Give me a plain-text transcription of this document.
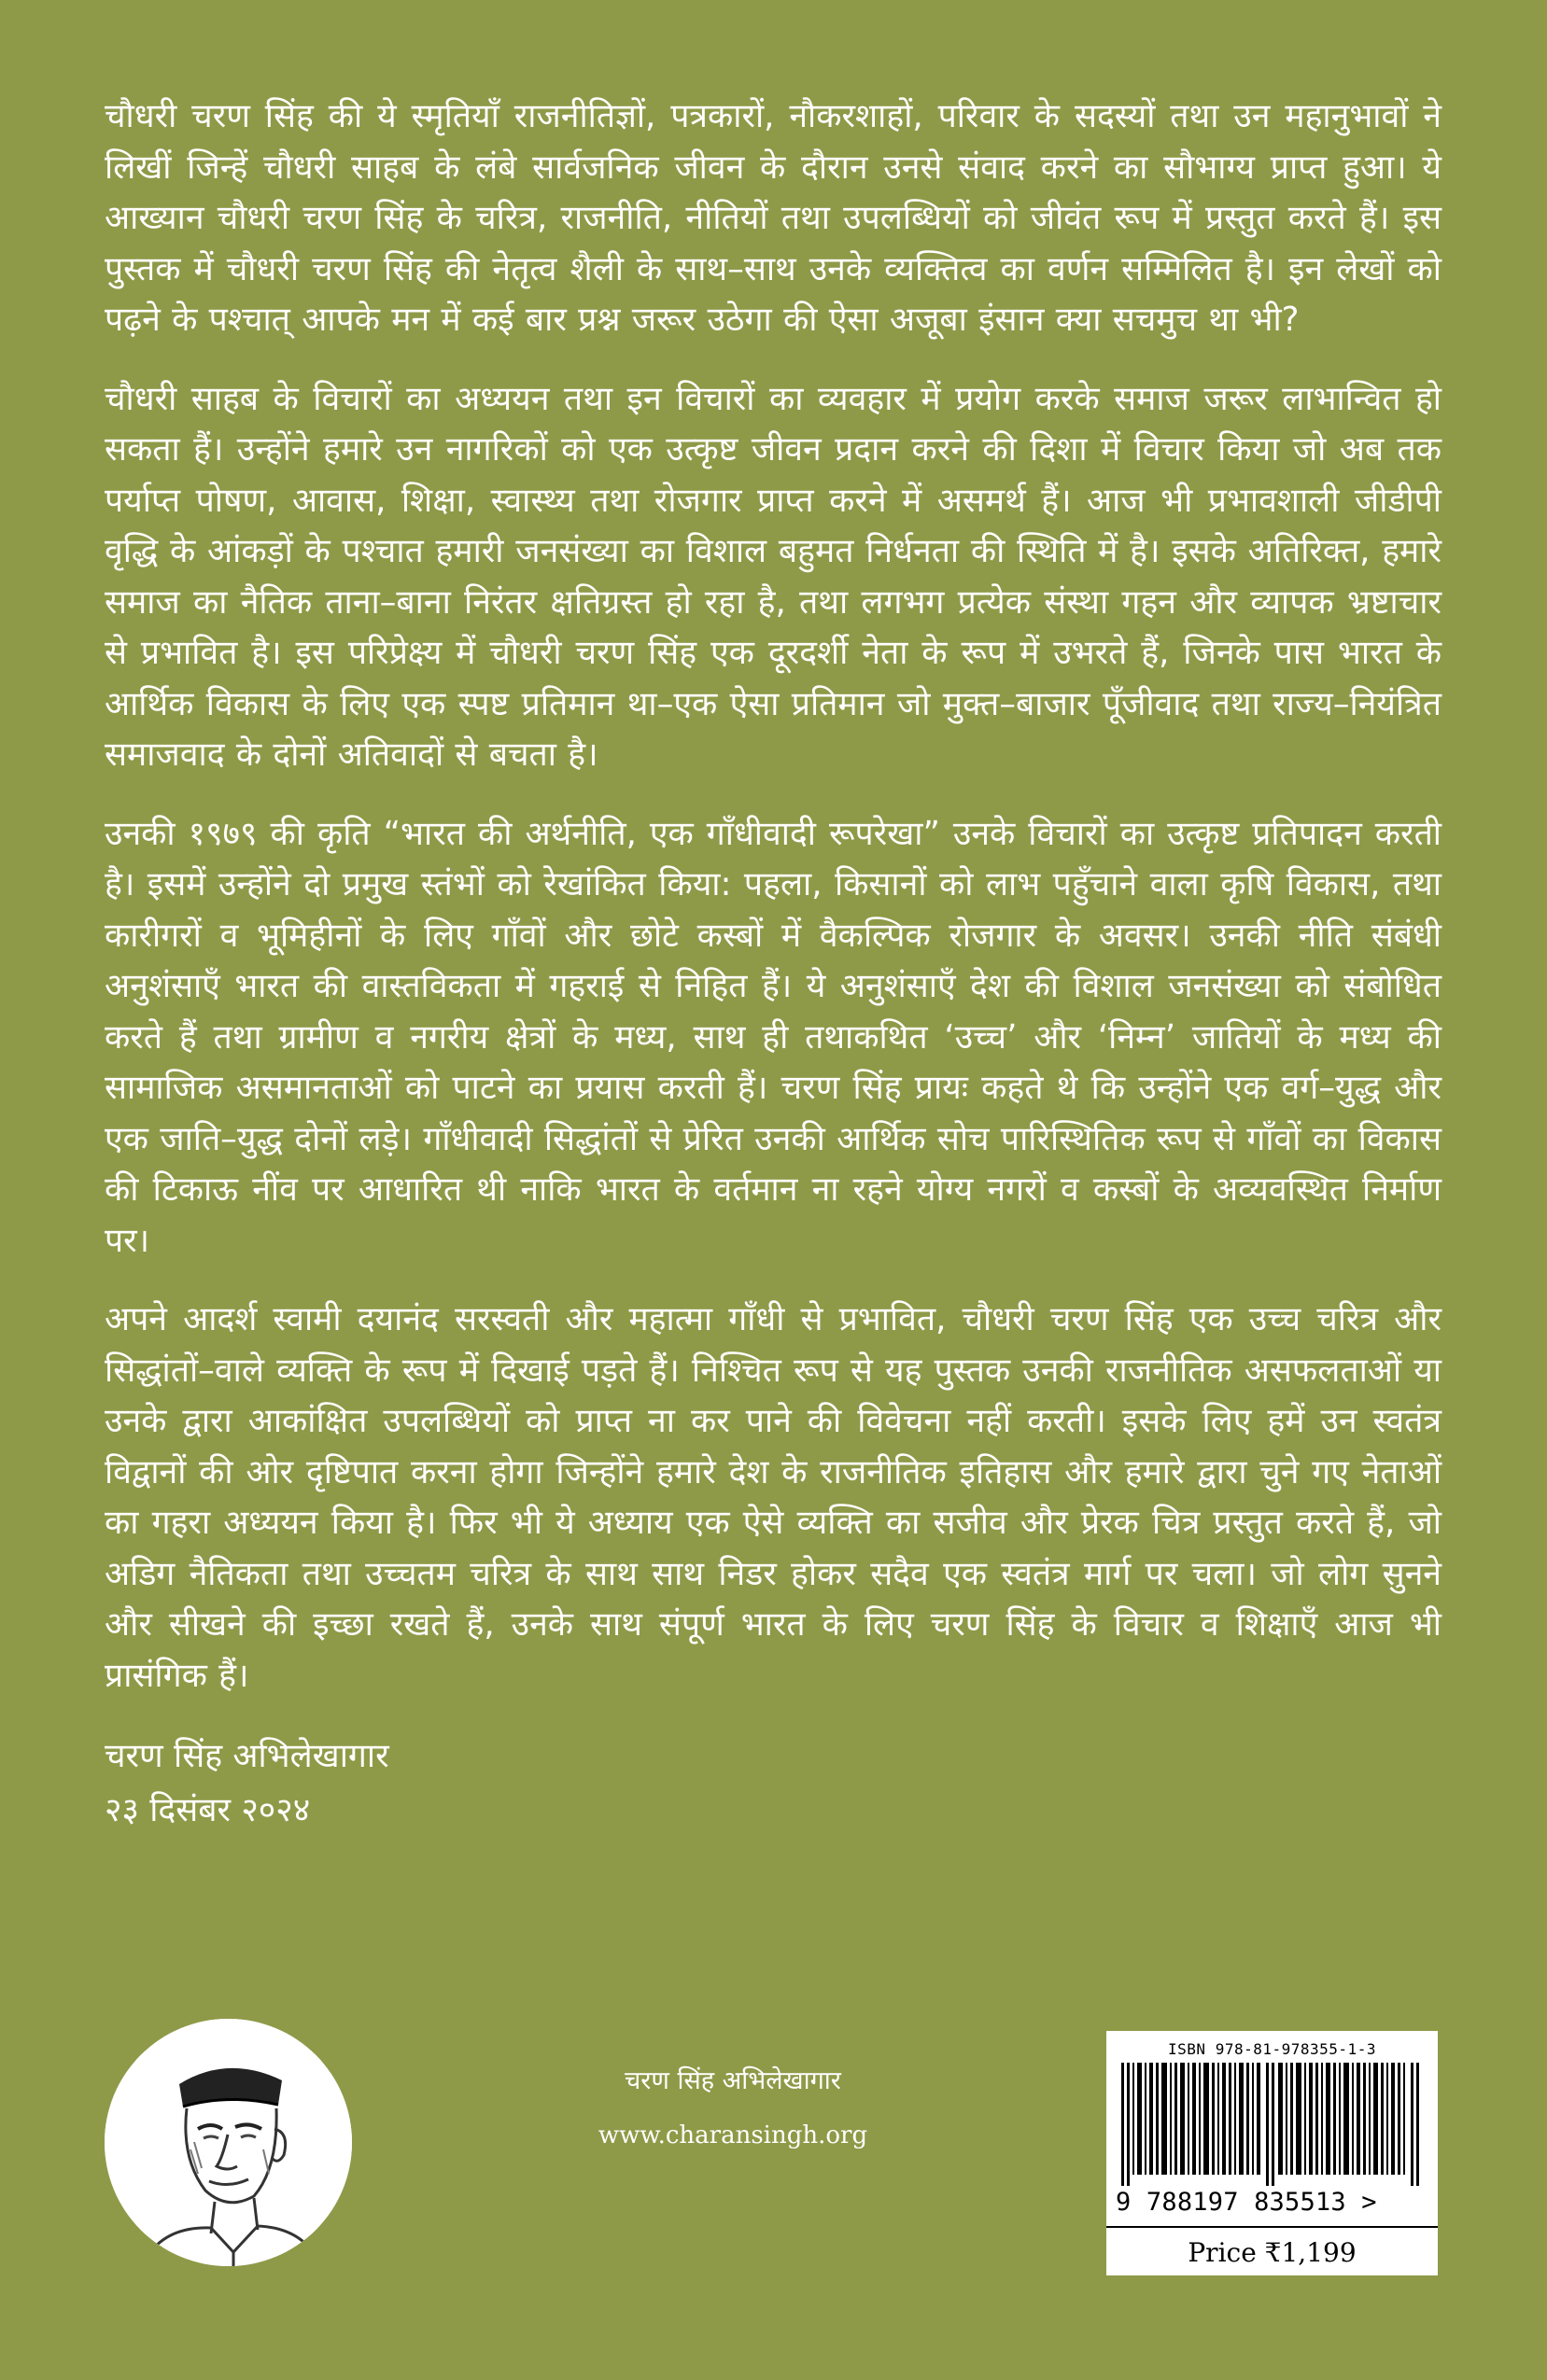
चौधरी चरण सिंह की ये स्मृतियाँ राजनीतिज्ञों, पत्रकारों, नौकरशाहों, परिवार के सदस्यों तथा उन महानुभावों ने लिखीं जिन्हें चौधरी साहब के लंबे सार्वजनिक जीवन के दौरान उनसे संवाद करने का सौभाग्य प्राप्त हुआ। ये आख्यान चौधरी चरण सिंह के चरित्र, राजनीति, नीतियों तथा उपलब्धियों को जीवंत रूप में प्रस्तुत करते हैं। इस पुस्तक में चौधरी चरण सिंह की नेतृत्व शैली के साथ–साथ उनके व्यक्तित्व का वर्णन सम्मिलित है। इन लेखों को पढ़ने के पश्चात् आपके मन में कई बार प्रश्न जरूर उठेगा की ऐसा अजूबा इंसान क्या सचमुच था भी?

चौधरी साहब के विचारों का अध्ययन तथा इन विचारों का व्यवहार में प्रयोग करके समाज जरूर लाभान्वित हो सकता हैं। उन्होंने हमारे उन नागरिकों को एक उत्कृष्ट जीवन प्रदान करने की दिशा में विचार किया जो अब तक पर्याप्त पोषण, आवास, शिक्षा, स्वास्थ्य तथा रोजगार प्राप्त करने में असमर्थ हैं। आज भी प्रभावशाली जीडीपी वृद्धि के आंकड़ों के पश्चात हमारी जनसंख्या का विशाल बहुमत निर्धनता की स्थिति में है। इसके अतिरिक्त, हमारे समाज का नैतिक ताना–बाना निरंतर क्षतिग्रस्त हो रहा है, तथा लगभग प्रत्येक संस्था गहन और व्यापक भ्रष्टाचार से प्रभावित है। इस परिप्रेक्ष्य में चौधरी चरण सिंह एक दूरदर्शी नेता के रूप में उभरते हैं, जिनके पास भारत के आर्थिक विकास के लिए एक स्पष्ट प्रतिमान था–एक ऐसा प्रतिमान जो मुक्त–बाजार पूँजीवाद तथा राज्य–नियंत्रित समाजवाद के दोनों अतिवादों से बचता है।

उनकी १९७९ की कृति “भारत की अर्थनीति, एक गाँधीवादी रूपरेखा” उनके विचारों का उत्कृष्ट प्रतिपादन करती है। इसमें उन्होंने दो प्रमुख स्तंभों को रेखांकित किया: पहला, किसानों को लाभ पहुँचाने वाला कृषि विकास, तथा कारीगरों व भूमिहीनों के लिए गाँवों और छोटे कस्बों में वैकल्पिक रोजगार के अवसर। उनकी नीति संबंधी अनुशंसाएँ भारत की वास्तविकता में गहराई से निहित हैं। ये अनुशंसाएँ देश की विशाल जनसंख्या को संबोधित करते हैं तथा ग्रामीण व नगरीय क्षेत्रों के मध्य, साथ ही तथाकथित ‘उच्च’ और ‘निम्न’ जातियों के मध्य की सामाजिक असमानताओं को पाटने का प्रयास करती हैं। चरण सिंह प्रायः कहते थे कि उन्होंने एक वर्ग–युद्ध और एक जाति–युद्ध दोनों लड़े। गाँधीवादी सिद्धांतों से प्रेरित उनकी आर्थिक सोच पारिस्थितिक रूप से गाँवों का विकास की टिकाऊ नींव पर आधारित थी नाकि भारत के वर्तमान ना रहने योग्य नगरों व कस्बों के अव्यवस्थित निर्माण पर।

अपने आदर्श स्वामी दयानंद सरस्वती और महात्मा गाँधी से प्रभावित, चौधरी चरण सिंह एक उच्च चरित्र और सिद्धांतों–वाले व्यक्ति के रूप में दिखाई पड़ते हैं। निश्चित रूप से यह पुस्तक उनकी राजनीतिक असफलताओं या उनके द्वारा आकांक्षित उपलब्धियों को प्राप्त ना कर पाने की विवेचना नहीं करती। इसके लिए हमें उन स्वतंत्र विद्वानों की ओर दृष्टिपात करना होगा जिन्होंने हमारे देश के राजनीतिक इतिहास और हमारे द्वारा चुने गए नेताओं का गहरा अध्ययन किया है। फिर भी ये अध्याय एक ऐसे व्यक्ति का सजीव और प्रेरक चित्र प्रस्तुत करते हैं, जो अडिग नैतिकता तथा उच्चतम चरित्र के साथ साथ निडर होकर सदैव एक स्वतंत्र मार्ग पर चला। जो लोग सुनने और सीखने की इच्छा रखते हैं, उनके साथ संपूर्ण भारत के लिए चरण सिंह के विचार व शिक्षाएँ आज भी प्रासंगिक हैं।

चरण सिंह अभिलेखागार
२३ दिसंबर २०२४
चरण सिंह अभिलेखागार
www.charansingh.org
ISBN 978-81-978355-1-3
9 788197 835513 >
Price ₹1,199
